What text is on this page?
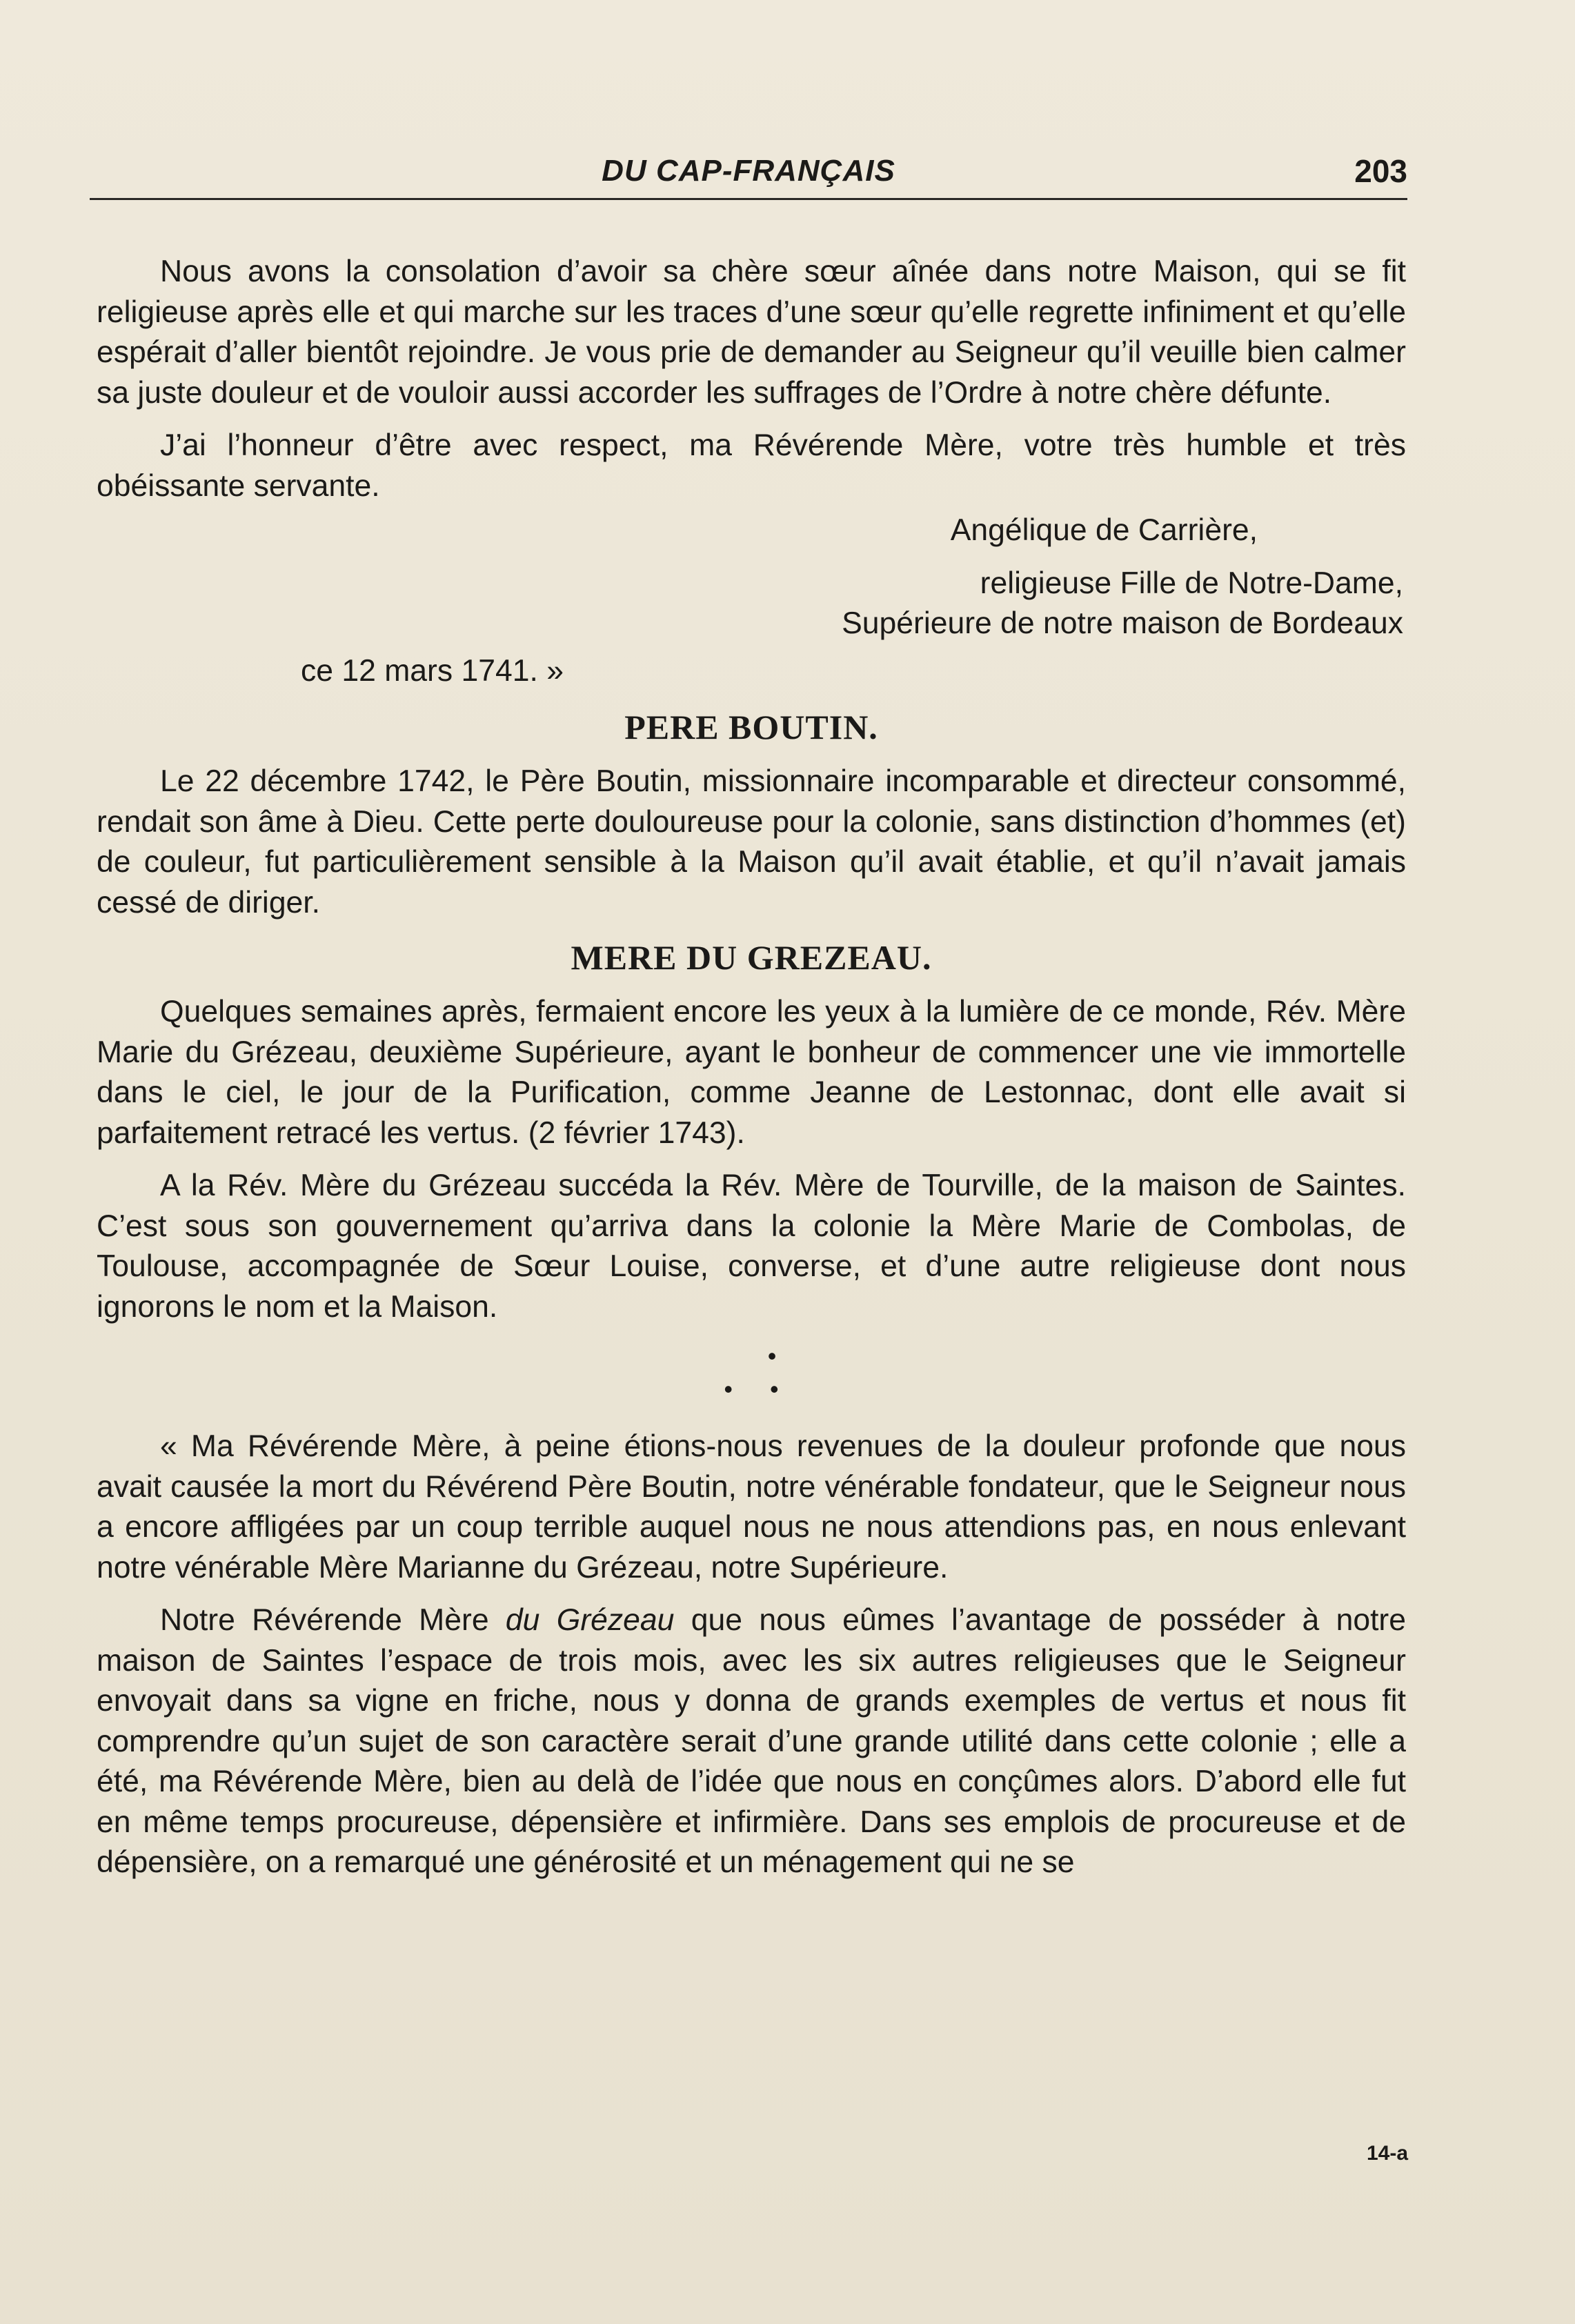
DU CAP-FRANÇAIS	203

Nous avons la consolation d’avoir sa chère sœur aînée dans notre Maison, qui se fit religieuse après elle et qui marche sur les traces d’une sœur qu’elle regrette infiniment et qu’elle espérait d’aller bientôt rejoindre. Je vous prie de demander au Seigneur qu’il veuille bien calmer sa juste douleur et de vouloir aussi accorder les suffrages de l’Ordre à notre chère défunte.

J’ai l’honneur d’être avec respect, ma Révérende Mère, votre très humble et très obéissante servante.

Angélique de Carrière,

religieuse Fille de Notre-Dame,

Supérieure de notre maison de Bordeaux

ce 12 mars 1741. »

PERE BOUTIN.

Le 22 décembre 1742, le Père Boutin, missionnaire incomparable et directeur consommé, rendait son âme à Dieu. Cette perte douloureuse pour la colonie, sans distinction d’hommes (et) de couleur, fut particulièrement sensible à la Maison qu’il avait établie, et qu’il n’avait jamais cessé de diriger.

MERE DU GREZEAU.

Quelques semaines après, fermaient encore les yeux à la lumière de ce monde, Rév. Mère Marie du Grézeau, deuxième Supérieure, ayant le bonheur de commencer une vie immortelle dans le ciel, le jour de la Purification, comme Jeanne de Lestonnac, dont elle avait si parfaitement retracé les vertus. (2 février 1743).

A la Rév. Mère du Grézeau succéda la Rév. Mère de Tourville, de la maison de Saintes. C’est sous son gouvernement qu’arriva dans la colonie la Mère Marie de Combolas, de Toulouse, accompagnée de Sœur Louise, converse, et d’une autre religieuse dont nous ignorons le nom et la Maison.

•
• •

« Ma Révérende Mère, à peine étions-nous revenues de la douleur profonde que nous avait causée la mort du Révérend Père Boutin, notre vénérable fondateur, que le Seigneur nous a encore affligées par un coup terrible auquel nous ne nous attendions pas, en nous enlevant notre vénérable Mère Marianne du Grézeau, notre Supérieure.

Notre Révérende Mère du Grézeau que nous eûmes l’avantage de posséder à notre maison de Saintes l’espace de trois mois, avec les six autres religieuses que le Seigneur envoyait dans sa vigne en friche, nous y donna de grands exemples de vertus et nous fit comprendre qu’un sujet de son caractère serait d’une grande utilité dans cette colonie ; elle a été, ma Révérende Mère, bien au delà de l’idée que nous en conçûmes alors. D’abord elle fut en même temps procureuse, dépensière et infirmière. Dans ses emplois de procureuse et de dépensière, on a remarqué une générosité et un ménagement qui ne se

14-a
